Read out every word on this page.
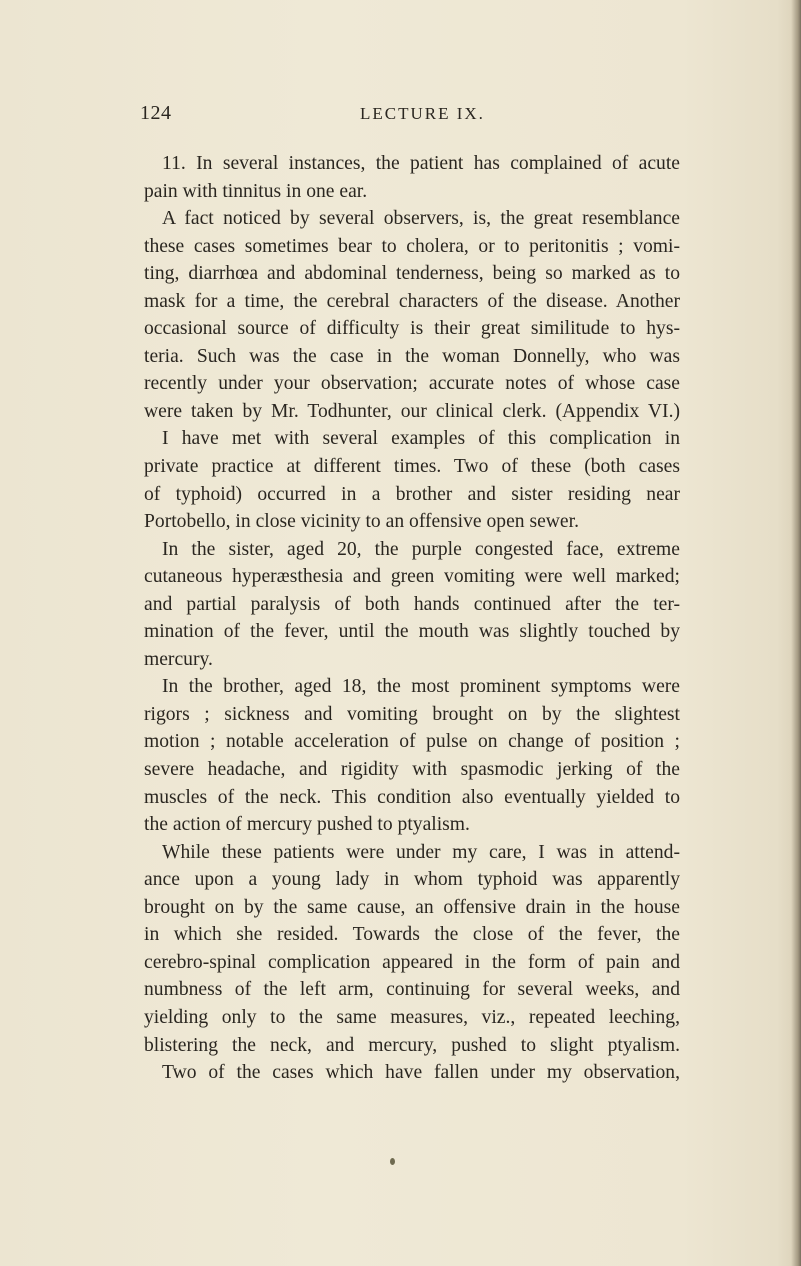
124	LECTURE IX.
11. In several instances, the patient has complained of acute
pain with tinnitus in one ear.
A fact noticed by several observers, is, the great resemblance
these cases sometimes bear to cholera, or to peritonitis ; vomi-
ting, diarrhœa and abdominal tenderness, being so marked as to
mask for a time, the cerebral characters of the disease. Another
occasional source of difficulty is their great similitude to hys-
teria. Such was the case in the woman Donnelly, who was
recently under your observation; accurate notes of whose case
were taken by Mr. Todhunter, our clinical clerk. (Appendix VI.)
I have met with several examples of this complication in
private practice at different times. Two of these (both cases
of typhoid) occurred in a brother and sister residing near
Portobello, in close vicinity to an offensive open sewer.
In the sister, aged 20, the purple congested face, extreme
cutaneous hyperæsthesia and green vomiting were well marked;
and partial paralysis of both hands continued after the ter-
mination of the fever, until the mouth was slightly touched by
mercury.
In the brother, aged 18, the most prominent symptoms were
rigors ; sickness and vomiting brought on by the slightest
motion ; notable acceleration of pulse on change of position ;
severe headache, and rigidity with spasmodic jerking of the
muscles of the neck. This condition also eventually yielded to
the action of mercury pushed to ptyalism.
While these patients were under my care, I was in attend-
ance upon a young lady in whom typhoid was apparently
brought on by the same cause, an offensive drain in the house
in which she resided. Towards the close of the fever, the
cerebro-spinal complication appeared in the form of pain and
numbness of the left arm, continuing for several weeks, and
yielding only to the same measures, viz., repeated leeching,
blistering the neck, and mercury, pushed to slight ptyalism.
Two of the cases which have fallen under my observation,
